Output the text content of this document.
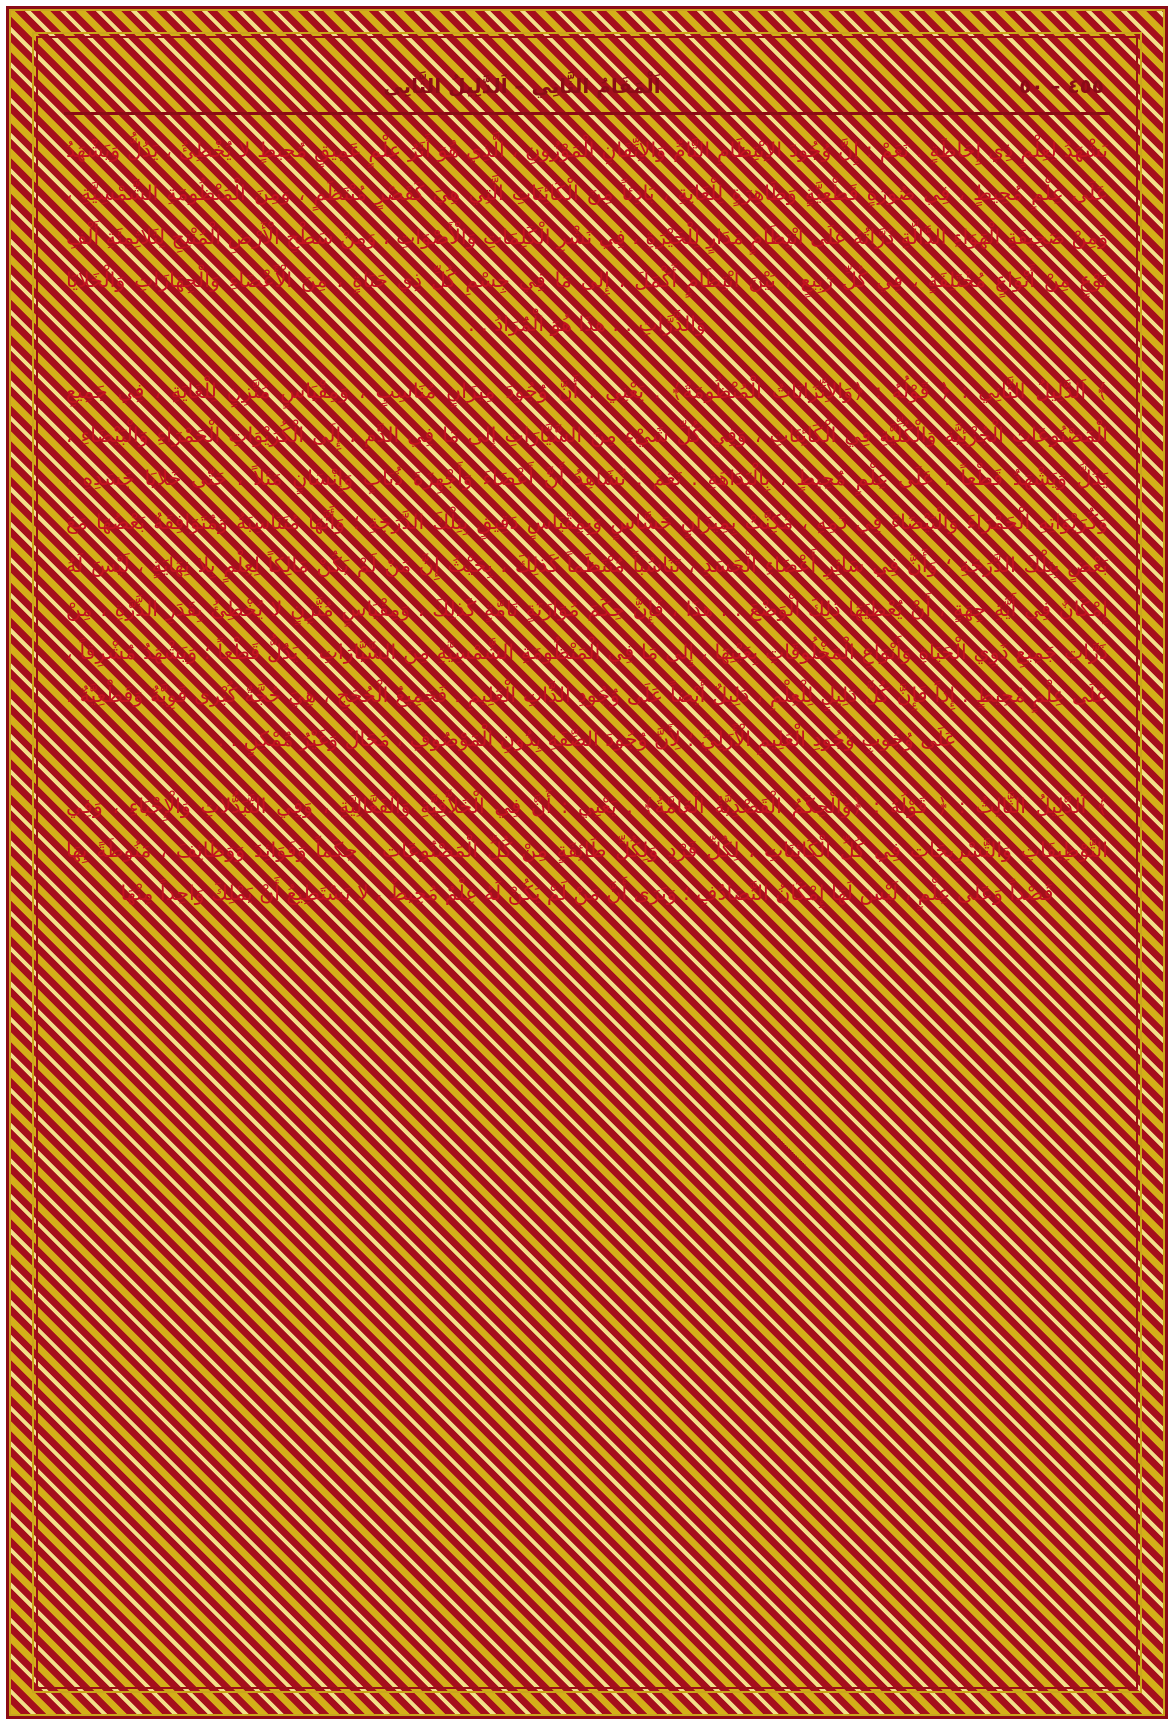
اَلْمَقَامُ الثَّانِي – اَلدَّلِيلُ الثَّانِي	٤٥٥ – ٥٠

يَشْهَدُ لِعِلْمٍ ذِي إِحَاطَةٍ . نَعَمْ : إِنَّ وُجُودَ الاِنْتِظَامِ التَّامِّ وَالاِتِّقَانِ الْمَوْزُونِ ، الَّذِي هُوَ أَثَرُ عِلْمٍ عَمِيقٍ مُحِيطٍ لا يُخْطِئُ ، يَدُلُّ وَيَشْهَدُ عَلَى عِلْمٍ مُحِيطٍ ، فِي صُورَةٍ قَطْعِيَّةٍ وَظَاهِرَةٍ لِلْغَايَةِ ، بَادِئاً مِنَ الْكَائِنَاتِ الَّتِي هِيَ كَقَصْرٍ مُنْتَظَمٍ ، وَمِنَ الْمَنْظُومَةِ الشَّمْسِيَّةِ ، وَمِنْ صَحِيفَةِ الْهَوَاءِ الدَّالَّةِ ذَرَّاتُهُ عَلَى انْتِظَامٍ مَدَارٍ لِلْحَيْرَةِ ، فِي نَشْرِ الْكَلِمَاتِ وَالْأَصْوَاتِ ، وَمِنْ سَطْحِ الْأَرْضِ الْمُنْتِجِ لِثَلاثِمِئَةِ أَلْفِ نَوْعٍ مِنْ أَنْوَاعٍ مُخْتَلِفَةٍ ، فِي كُلِّ رَبِيعٍ ، بَيْنَ انْتِظَامٍ أَكْمَلَ ، إِلى مَا فِي جِسْمِ كُلِّ ذِي حَيَاةٍ ، مِنَ الْأَعْضَاءِ وَالْجِهَازَاتِ وَالْخَلايَا وَالذَّرَّاتِ . . هذَا هُوَ الْمُرَادُ . .

﴾ اَلدَّلِيلُ الثَّانِي : ﴿ قَوْلُهُ : ﴿وَالاِتِّزَانَاتُ الْمُنْظُومَةُ﴾ . يَعْنِي : أَنَّ وُجُودَ مِيزَانٍ مُنَاسِبٍ ، وَمِقْيَاسٍ مُتَّزِنٍ لِلْغَايَةِ ، فِي جَمِيعِ الْمَصْنُوعَاتِ الْجُزْئِيَّةِ وَالْكُلِّيَّةِ فِي الْكَائِنَاتِ ، وَفِي كُلِّ شَيْءٍ مِنَ السَّيَّارَاتِ إِلى مَا فِي الدَّمِ ، إِلَى الْكُرَيْوَاتِ الْحَمْرَاءِ وَالْبَيْضَاءِ ، يَدُلُّ وَيَشْهَدُ قَطْعاً ، عَلَى عِلْمٍ مُحِيطٍ ، بِالْبَدَاهَةِ . نَعَمْ : نُشَاهِدُ أَنَّ أَعْضَاءَ وَأَجْهِزَةَ ذُبَابٍ وَإِنْسَانٍ مَثَلاً ، حَتّى خَلايَا جَسَدِهِ ، وَكُرَيْوَاتِهِ الْحَمْرَاءَ وَالْبَيْضَاءَ فِي دَمِهِ ، مُكِنَّتْ بِمِيزَانٍ حَسَّاسٍ وَبِمِقْيَاسٍ دَقِيقٍ بِتِلْكَ الدَّرَجَةِ ؛ وَأَنَّهَا مُتَنَاسِبَةٌ وَمُتَوَافِقَةٌ بَعْضُهَا مَعَ بَعْضٍ بِتِلْكَ الدَّرَجَةِ ؛ وَأَنَّ فِي سَائِرِ أَعْضَاءِ الْجَسَدِ ، تَنَاسُباً مُنْتَظَماً كَذلِكَ ، بِحَيْثُ إِنَّ مَنْ لَمْ يَكُنْ مَالِكاً لِعِلْمٍ بِلا نِهَايَةٍ ، لَيْسَ لَهُ إِمْكَانٌ فِي أَيَّةِ جِهَةٍ ، أَنْ يُعْطِيَهَا ذلِكَ الْوَضْعَ . . هذَا ، فَإِنَّ حِكَمَ مُوَازَنَةٍ تَامَّةٍ كَذلِكَ ، وَمِقْيَاسٍ مُتَّزِنٍ لا يُخْطِئُ بِقَدَرِ الذَّرَّةِ ، مِنْ ذَرَّاتِ جَمِيعِ ذَوِي الْحَيَاةِ وَأَنْوَاعِ الْمَخْلُوقَاتِ بِعَيْنِهَا ، إِلى مَا فِي الْمَنْظُومَةِ الشَّمْسِيَّةِ مِنَ السَّيَّارَاتِ ، يَدُلُّ قَطْعاً ؛ وَيَشْهَدُ مُشْرِقاً ، عَلَى عِلْمٍ مُحِيطٍ . إِذاً فَإِنَّ كُلَّ دَلِيلٍ لِلْعِلْمِ ، دَلِيلٌ أَيْضاً عَلَى وُجُودِ الذَّاتِ الْعَلِيمِ . فَجَمِيعُ الْحُجَجِ ، هِيَ حُجَّةٌ كُبْرى قَوِيَّةٌ وَقَطْعِيَّةٌ ، عَلَى وُجُوبِ وُجُودِ الْعَلِيمِ الْأَزَلِيِّ ؛ لِأَنَّ وُجُودَ الصِّفَةِ بِدُونِ الْمَوْصُوفِ ، مُحَالٌ وَغَيْرُ مُمْكِنٍ . .

﴾ اَلدَّلِيلُ الثَّالِثُ : ﴿ قَوْلُهُ : ﴿وَالْحِكَمُ الْقَصْدِيَّةُ الْعَامَّةُ﴾ . يَعْنِي : أَنَّ فِي الْخَلاَّقِيَّةِ وَالْفَعَّالِيَّةِ ، وَفِي التَّبَدُّلاتِ وَالْإِحْيَاءِ ، وَفِي التَّوْظِيفَاتِ وَالتَّسْرِيحَاتِ فِي كُلِّ الْكَائِنَاتِ ، لِكُلِّ فَرْدٍ وَلِكُلِّ طَائِفَةٍ مِنْ كُلِّ الْمَصْنُوعَاتِ ، حِكَماً وَفَوَائِدَ وَوَظَائِفَ ، مَنُوطَةً بِهَا قَصْداً وَعَلى عِلْمٍ ، لَيْسَ لَهَا إِمْكَانُ التَّصَادُفِ ؛ وَنَرَى أَنَّ مَنْ لَمْ يَكُنْ لَهُ عِلْمٌ مُحِيطٌ ، لا يَسْتَطِيعُ أَنْ يَمْلِكَ وَاحِداً مِنْهَا
